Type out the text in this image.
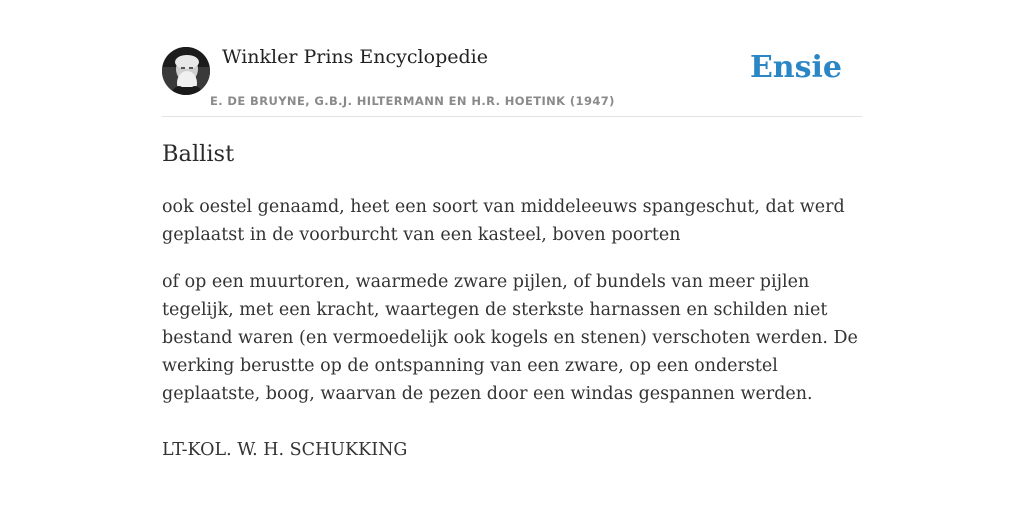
Winkler Prins Encyclopedie
E. DE BRUYNE, G.B.J. HILTERMANN EN H.R. HOETINK (1947)
Ensie
Ballist

ook oestel genaamd, heet een soort van middeleeuws spangeschut, dat werd geplaatst in de voorburcht van een kasteel, boven poorten

of op een muurtoren, waarmede zware pijlen, of bundels van meer pijlen tegelijk, met een kracht, waartegen de sterkste harnassen en schilden niet bestand waren (en vermoedelijk ook kogels en stenen) verschoten werden. De werking berustte op de ontspanning van een zware, op een onderstel geplaatste, boog, waarvan de pezen door een windas gespannen werden.

LT-KOL. W. H. SCHUKKING
